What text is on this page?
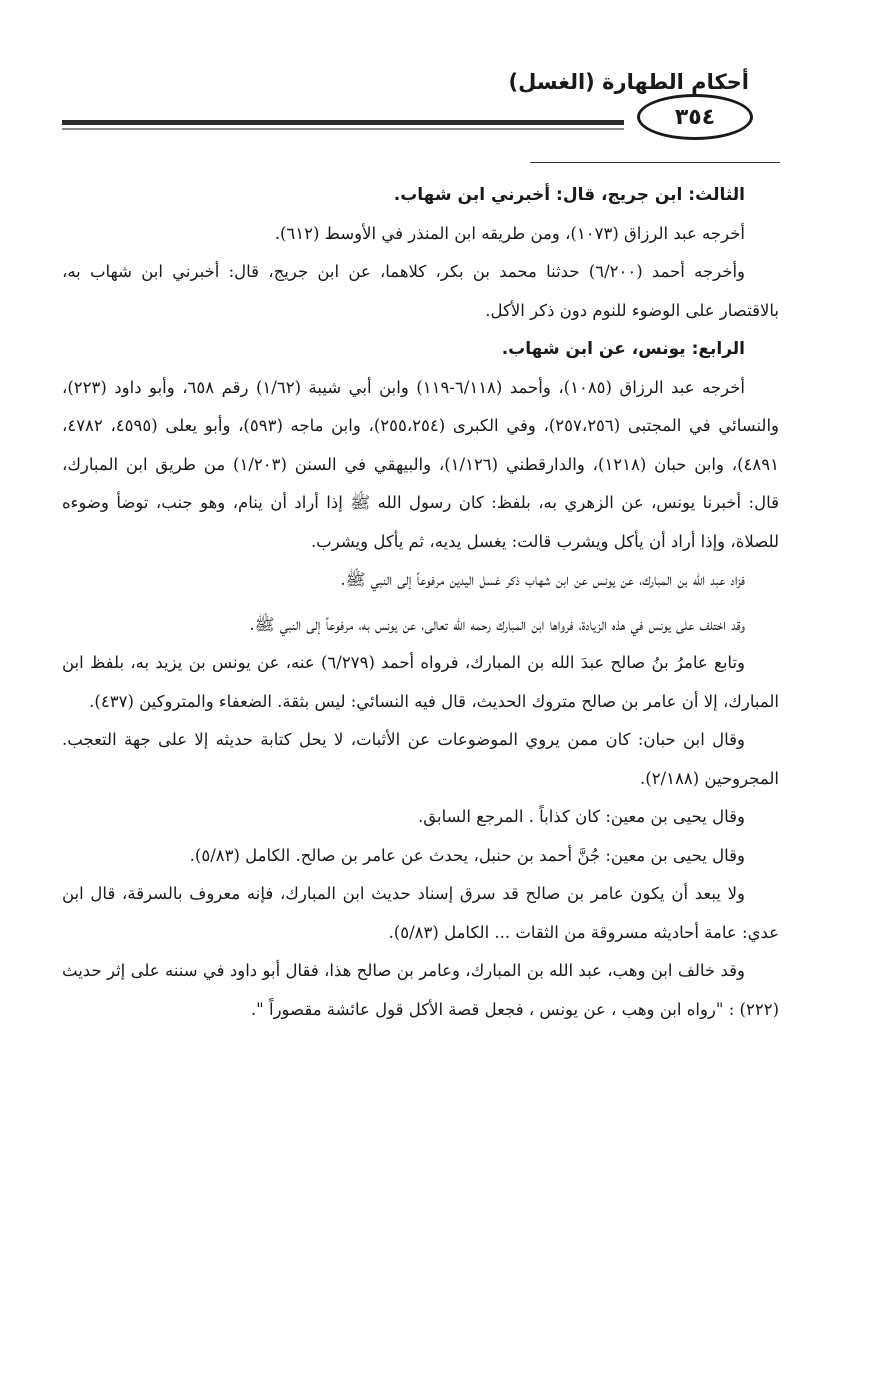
أحكام الطهارة (الغسل)
٣٥٤

الثالث: ابن جريج، قال: أخبرني ابن شهاب.

أخرجه عبد الرزاق (١٠٧٣)، ومن طريقه ابن المنذر في الأوسط (٦١٢).

وأخرجه أحمد (٦/٢٠٠) حدثنا محمد بن بكر، كلاهما، عن ابن جريج، قال: أخبرني ابن شهاب به، بالاقتصار على الوضوء للنوم دون ذكر الأكل.

الرابع: يونس، عن ابن شهاب.

أخرجه عبد الرزاق (١٠٨٥)، وأحمد (٦/١١٨-١١٩) وابن أبي شيبة (١/٦٢) رقم ٦٥٨، وأبو داود (٢٢٣)، والنسائي في المجتبى (٢٥٧،٢٥٦)، وفي الكبرى (٢٥٥،٢٥٤)، وابن ماجه (٥٩٣)، وأبو يعلى (٤٥٩٥، ٤٧٨٢، ٤٨٩١)، وابن حبان (١٢١٨)، والدارقطني (١/١٢٦)، والبيهقي في السنن (١/٢٠٣) من طريق ابن المبارك، قال: أخبرنا يونس، عن الزهري به، بلفظ: كان رسول الله ﷺ إذا أراد أن ينام، وهو جنب، توضأ وضوءه للصلاة، وإذا أراد أن يأكل ويشرب قالت: يغسل يديه، ثم يأكل ويشرب.

فزاد عبد الله بن المبارك، عن يونس عن ابن شهاب ذكر غسل اليدين مرفوعاً إلى النبي ﷺ.

وقد اختلف على يونس في هذه الزيادة، فرواها ابن المبارك رحمه الله تعالى، عن يونس به، مرفوعاً إلى النبي ﷺ.

وتابع عامرُ بنُ صالح عبدَ الله بن المبارك، فرواه أحمد (٦/٢٧٩) عنه، عن يونس بن يزيد به، بلفظ ابن المبارك، إلا أن عامر بن صالح متروك الحديث، قال فيه النسائي: ليس بثقة. الضعفاء والمتروكين (٤٣٧).

وقال ابن حبان: كان ممن يروي الموضوعات عن الأثبات، لا يحل كتابة حديثه إلا على جهة التعجب. المجروحين (٢/١٨٨).

وقال يحيى بن معين: كان كذاباً . المرجع السابق.

وقال يحيى بن معين: جُنَّ أحمد بن حنبل، يحدث عن عامر بن صالح. الكامل (٥/٨٣).

ولا يبعد أن يكون عامر بن صالح قد سرق إسناد حديث ابن المبارك، فإنه معروف بالسرقة، قال ابن عدي: عامة أحاديثه مسروقة من الثقات ... الكامل (٥/٨٣).

وقد خالف ابن وهب، عبد الله بن المبارك، وعامر بن صالح هذا، فقال أبو داود في سننه على إثر حديث (٢٢٢) : "رواه ابن وهب ، عن يونس ، فجعل قصة الأكل قول عائشة مقصوراً ".
